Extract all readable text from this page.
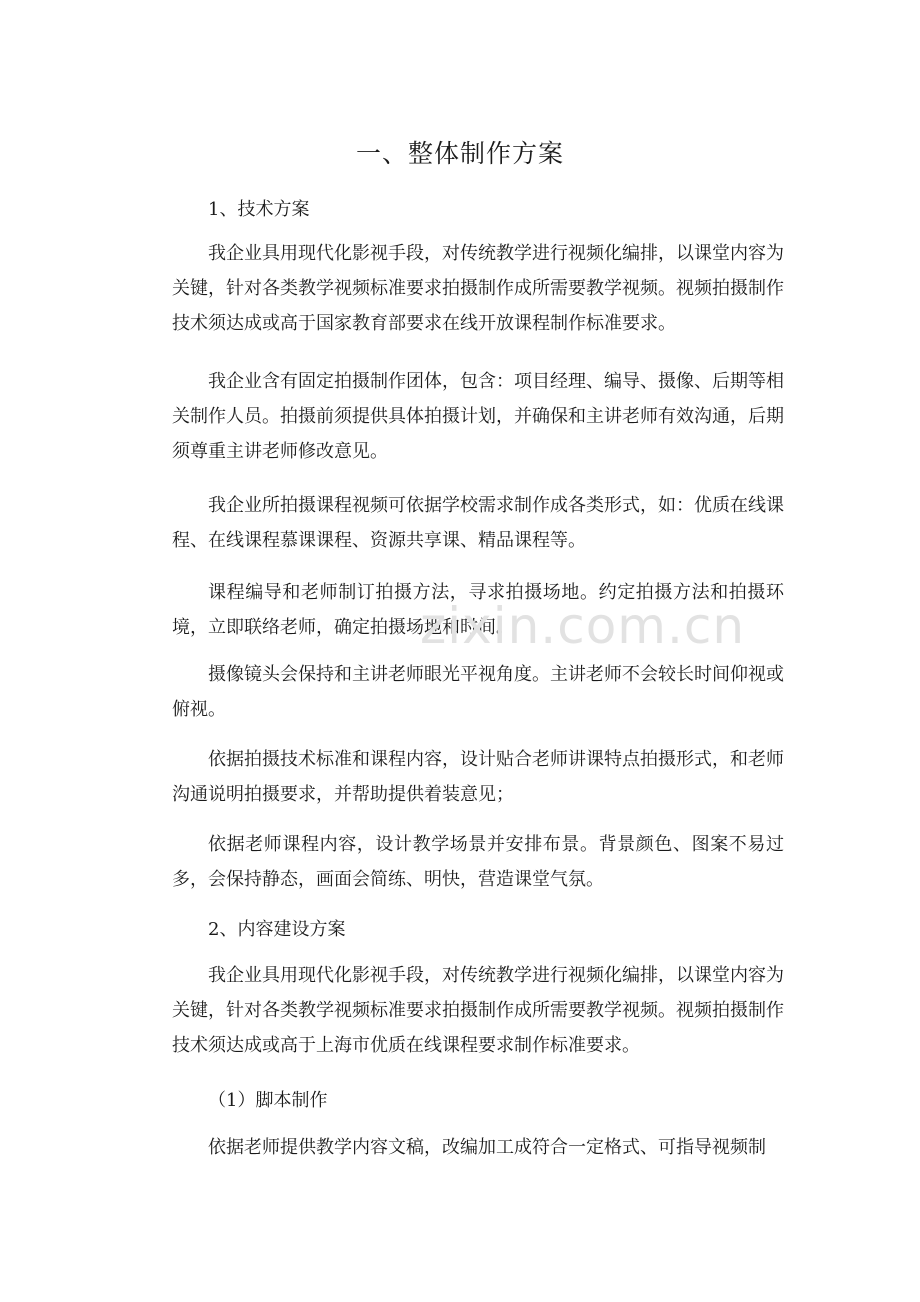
一、整体制作方案
1、技术方案
我企业具用现代化影视手段，对传统教学进行视频化编排，以课堂内容为关键，针对各类教学视频标准要求拍摄制作成所需要教学视频。视频拍摄制作技术须达成或高于国家教育部要求在线开放课程制作标准要求。
我企业含有固定拍摄制作团体，包含：项目经理、编导、摄像、后期等相关制作人员。拍摄前须提供具体拍摄计划，并确保和主讲老师有效沟通，后期须尊重主讲老师修改意见。
我企业所拍摄课程视频可依据学校需求制作成各类形式，如：优质在线课程、在线课程慕课课程、资源共享课、精品课程等。
课程编导和老师制订拍摄方法，寻求拍摄场地。约定拍摄方法和拍摄环境，立即联络老师，确定拍摄场地和时间。
摄像镜头会保持和主讲老师眼光平视角度。主讲老师不会较长时间仰视或俯视。
依据拍摄技术标准和课程内容，设计贴合老师讲课特点拍摄形式，和老师沟通说明拍摄要求，并帮助提供着装意见；
依据老师课程内容，设计教学场景并安排布景。背景颜色、图案不易过多，会保持静态，画面会简练、明快，营造课堂气氛。
2、内容建设方案
我企业具用现代化影视手段，对传统教学进行视频化编排，以课堂内容为关键，针对各类教学视频标准要求拍摄制作成所需要教学视频。视频拍摄制作技术须达成或高于上海市优质在线课程要求制作标准要求。
（1）脚本制作
依据老师提供教学内容文稿，改编加工成符合一定格式、可指导视频制
zixin.com.cn
